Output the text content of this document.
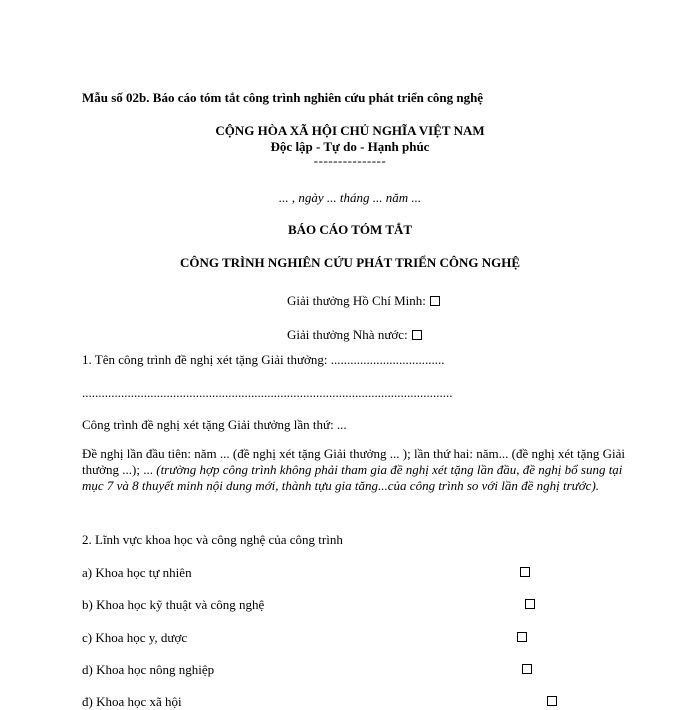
Mẫu số 02b. Báo cáo tóm tắt công trình nghiên cứu phát triển công nghệ
CỘNG HÒA XÃ HỘI CHỦ NGHĨA VIỆT NAM
Độc lập - Tự do - Hạnh phúc
---------------
... , ngày ... tháng ... năm ...
BÁO CÁO TÓM TẮT
CÔNG TRÌNH NGHIÊN CỨU PHÁT TRIỂN CÔNG NGHỆ
Giải thưởng Hồ Chí Minh:
Giải thưởng Nhà nước:
1. Tên công trình đề nghị xét tặng Giải thưởng: ...................................
..................................................................................................................
Công trình đề nghị xét tặng Giải thưởng lần thứ: ...
Đề nghị lần đầu tiên: năm ... (đề nghị xét tặng Giải thưởng ... ); lần thứ hai: năm... (đề nghị xét tặng Giải thưởng ...); ... (trường hợp công trình không phải tham gia đề nghị xét tặng lần đầu, đề nghị bổ sung tại mục 7 và 8 thuyết minh nội dung mới, thành tựu gia tăng...của công trình so với lần đề nghị trước).
2. Lĩnh vực khoa học và công nghệ của công trình
a) Khoa học tự nhiên
b) Khoa học kỹ thuật và công nghệ
c) Khoa học y, dược
d) Khoa học nông nghiệp
đ) Khoa học xã hội
